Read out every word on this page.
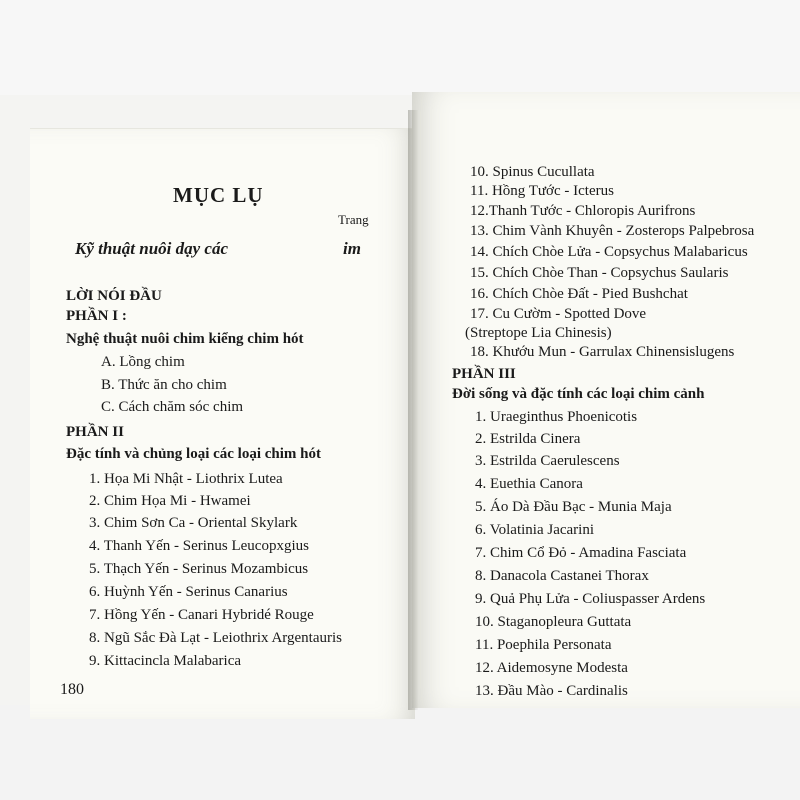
MỤC LỤ
Trang
Kỹ thuật nuôi dạy các	im
LỜI NÓI ĐẦU
PHẦN I :
Nghệ thuật nuôi chim kiểng chim hót
A. Lồng chim
B. Thức ăn cho chim
C. Cách chăm sóc chim
PHẦN II
Đặc tính và chủng loại các loại chim hót
1. Họa Mi Nhật - Liothrix Lutea
2. Chim Họa Mi - Hwamei
3. Chim Sơn Ca - Oriental Skylark
4. Thanh Yến - Serinus Leucopxgius
5. Thạch Yến - Serinus Mozambicus
6. Huỳnh Yến - Serinus Canarius
7. Hồng Yến - Canari Hybridé Rouge
8. Ngũ Sắc Đà Lạt - Leiothrix Argentauris
9. Kittacincla Malabarica
180
10. Spinus Cucullata
11. Hồng Tước - Icterus
12.Thanh Tước - Chloropis Aurifrons
13. Chim Vành Khuyên - Zosterops Palpebrosa
14. Chích Chòe Lửa - Copsychus Malabaricus
15. Chích Chòe Than - Copsychus Saularis
16. Chích Chòe Đất - Pied Bushchat
17. Cu Cườm - Spotted Dove
(Streptope Lia Chinesis)
18. Khướu Mun - Garrulax Chinensislugens
PHẦN III
Đời sống và đặc tính các loại chim cảnh
1. Uraeginthus Phoenicotis
2. Estrilda Cinera
3. Estrilda Caerulescens
4. Euethia Canora
5. Áo Dà Đầu Bạc - Munia Maja
6. Volatinia Jacarini
7. Chim Cổ Đỏ - Amadina Fasciata
8. Danacola Castanei Thorax
9. Quả Phụ Lửa - Coliuspasser Ardens
10. Staganopleura Guttata
11. Poephila Personata
12. Aidemosyne Modesta
13. Đầu Mào - Cardinalis
